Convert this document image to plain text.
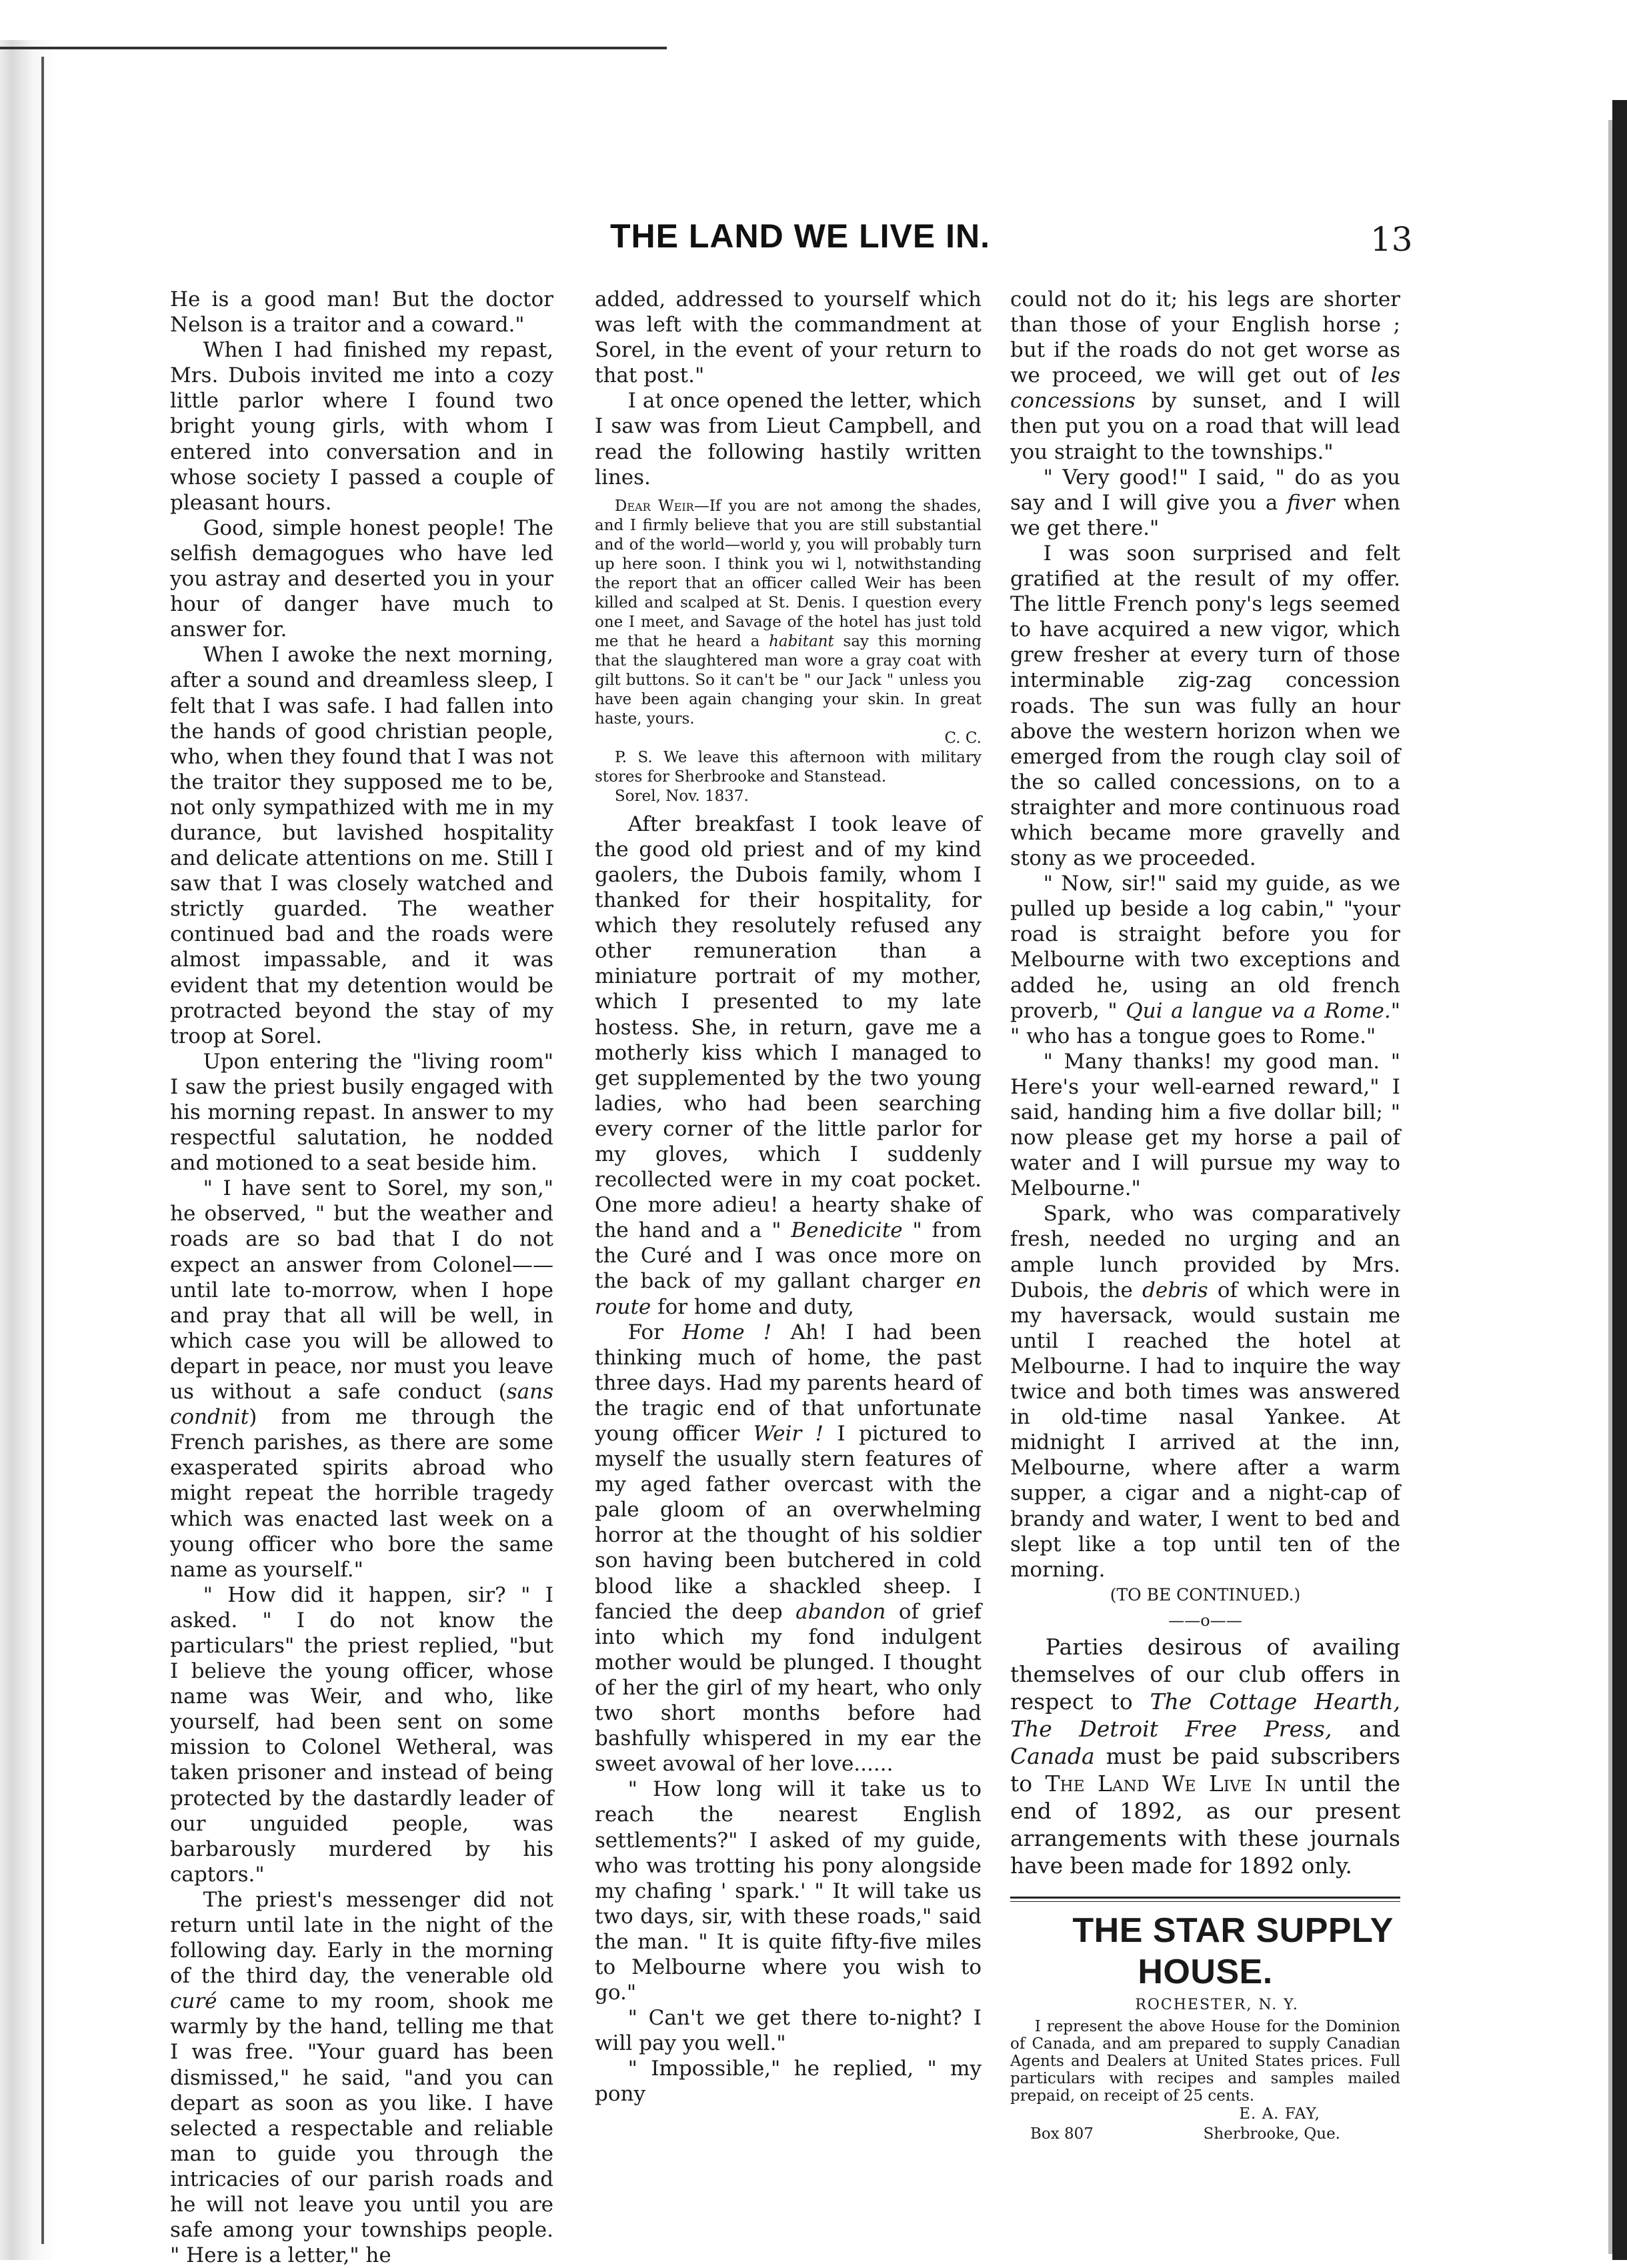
THE LAND WE LIVE IN.	13

He is a good man! But the doctor Nelson is a traitor and a coward."

When I had finished my repast, Mrs. Dubois invited me into a cozy little parlor where I found two bright young girls, with whom I entered into conversation and in whose society I passed a couple of pleasant hours.

Good, simple honest people! The selfish demagogues who have led you astray and deserted you in your hour of danger have much to answer for.

When I awoke the next morning, after a sound and dreamless sleep, I felt that I was safe. I had fallen into the hands of good christian people, who, when they found that I was not the traitor they supposed me to be, not only sympathized with me in my durance, but lavished hospitality and delicate attentions on me. Still I saw that I was closely watched and strictly guarded. The weather continued bad and the roads were almost impassable, and it was evident that my detention would be protracted beyond the stay of my troop at Sorel.

Upon entering the "living room" I saw the priest busily engaged with his morning repast. In answer to my respectful salutation, he nodded and motioned to a seat beside him.

" I have sent to Sorel, my son," he observed, " but the weather and roads are so bad that I do not expect an answer from Colonel——until late to-morrow, when I hope and pray that all will be well, in which case you will be allowed to depart in peace, nor must you leave us without a safe conduct (sans condnit) from me through the French parishes, as there are some exasperated spirits abroad who might repeat the horrible tragedy which was enacted last week on a young officer who bore the same name as yourself."

" How did it happen, sir? " I asked. " I do not know the particulars" the priest replied, "but I believe the young officer, whose name was Weir, and who, like yourself, had been sent on some mission to Colonel Wetheral, was taken prisoner and instead of being protected by the dastardly leader of our unguided people, was barbarously murdered by his captors."

The priest's messenger did not return until late in the night of the following day. Early in the morning of the third day, the venerable old curé came to my room, shook me warmly by the hand, telling me that I was free. "Your guard has been dismissed," he said, "and you can depart as soon as you like. I have selected a respectable and reliable man to guide you through the intricacies of our parish roads and he will not leave you until you are safe among your townships people. " Here is a letter," he

added, addressed to yourself which was left with the commandment at Sorel, in the event of your return to that post."

I at once opened the letter, which I saw was from Lieut Campbell, and read the following hastily written lines.

Dear Weir—If you are not among the shades, and I firmly believe that you are still substantial and of the world—world y, you will probably turn up here soon. I think you wi l, notwithstanding the report that an officer called Weir has been killed and scalped at St. Denis. I question every one I meet, and Savage of the hotel has just told me that he heard a habitant say this morning that the slaughtered man wore a gray coat with gilt buttons. So it can't be " our Jack " unless you have been again changing your skin. In great haste, yours.

C. C.

P. S. We leave this afternoon with military stores for Sherbrooke and Stanstead.

Sorel, Nov. 1837.

After breakfast I took leave of the good old priest and of my kind gaolers, the Dubois family, whom I thanked for their hospitality, for which they resolutely refused any other remuneration than a miniature portrait of my mother, which I presented to my late hostess. She, in return, gave me a motherly kiss which I managed to get supplemented by the two young ladies, who had been searching every corner of the little parlor for my gloves, which I suddenly recollected were in my coat pocket. One more adieu! a hearty shake of the hand and a " Benedicite " from the Curé and I was once more on the back of my gallant charger en route for home and duty,

For Home ! Ah! I had been thinking much of home, the past three days. Had my parents heard of the tragic end of that unfortunate young officer Weir ! I pictured to myself the usually stern features of my aged father overcast with the pale gloom of an overwhelming horror at the thought of his soldier son having been butchered in cold blood like a shackled sheep. I fancied the deep abandon of grief into which my fond indulgent mother would be plunged. I thought of her the girl of my heart, who only two short months before had bashfully whispered in my ear the sweet avowal of her love......

" How long will it take us to reach the nearest English settlements?" I asked of my guide, who was trotting his pony alongside my chafing ' spark.' " It will take us two days, sir, with these roads," said the man. " It is quite fifty-five miles to Melbourne where you wish to go."

" Can't we get there to-night? I will pay you well."

" Impossible," he replied, " my pony

could not do it; his legs are shorter than those of your English horse ; but if the roads do not get worse as we proceed, we will get out of les concessions by sunset, and I will then put you on a road that will lead you straight to the townships."

" Very good!" I said, " do as you say and I will give you a fiver when we get there."

I was soon surprised and felt gratified at the result of my offer. The little French pony's legs seemed to have acquired a new vigor, which grew fresher at every turn of those interminable zig-zag concession roads. The sun was fully an hour above the western horizon when we emerged from the rough clay soil of the so called concessions, on to a straighter and more continuous road which became more gravelly and stony as we proceeded.

" Now, sir!" said my guide, as we pulled up beside a log cabin," "your road is straight before you for Melbourne with two exceptions and added he, using an old french proverb, " Qui a langue va a Rome." " who has a tongue goes to Rome."

" Many thanks! my good man. " Here's your well-earned reward," I said, handing him a five dollar bill; " now please get my horse a pail of water and I will pursue my way to Melbourne."

Spark, who was comparatively fresh, needed no urging and an ample lunch provided by Mrs. Dubois, the debris of which were in my haversack, would sustain me until I reached the hotel at Melbourne. I had to inquire the way twice and both times was answered in old-time nasal Yankee. At midnight I arrived at the inn, Melbourne, where after a warm supper, a cigar and a night-cap of brandy and water, I went to bed and slept like a top until ten of the morning.

(TO BE CONTINUED.)

——o——

Parties desirous of availing themselves of our club offers in respect to The Cottage Hearth, The Detroit Free Press, and Canada must be paid subscribers to The Land We Live In until the end of 1892, as our present arrangements with these journals have been made for 1892 only.

THE STAR SUPPLY HOUSE.

ROCHESTER, N. Y.

I represent the above House for the Dominion of Canada, and am prepared to supply Canadian Agents and Dealers at United States prices. Full particulars with recipes and samples mailed prepaid, on receipt of 25 cents.

E. A. FAY,
Box 807	Sherbrooke, Que.
